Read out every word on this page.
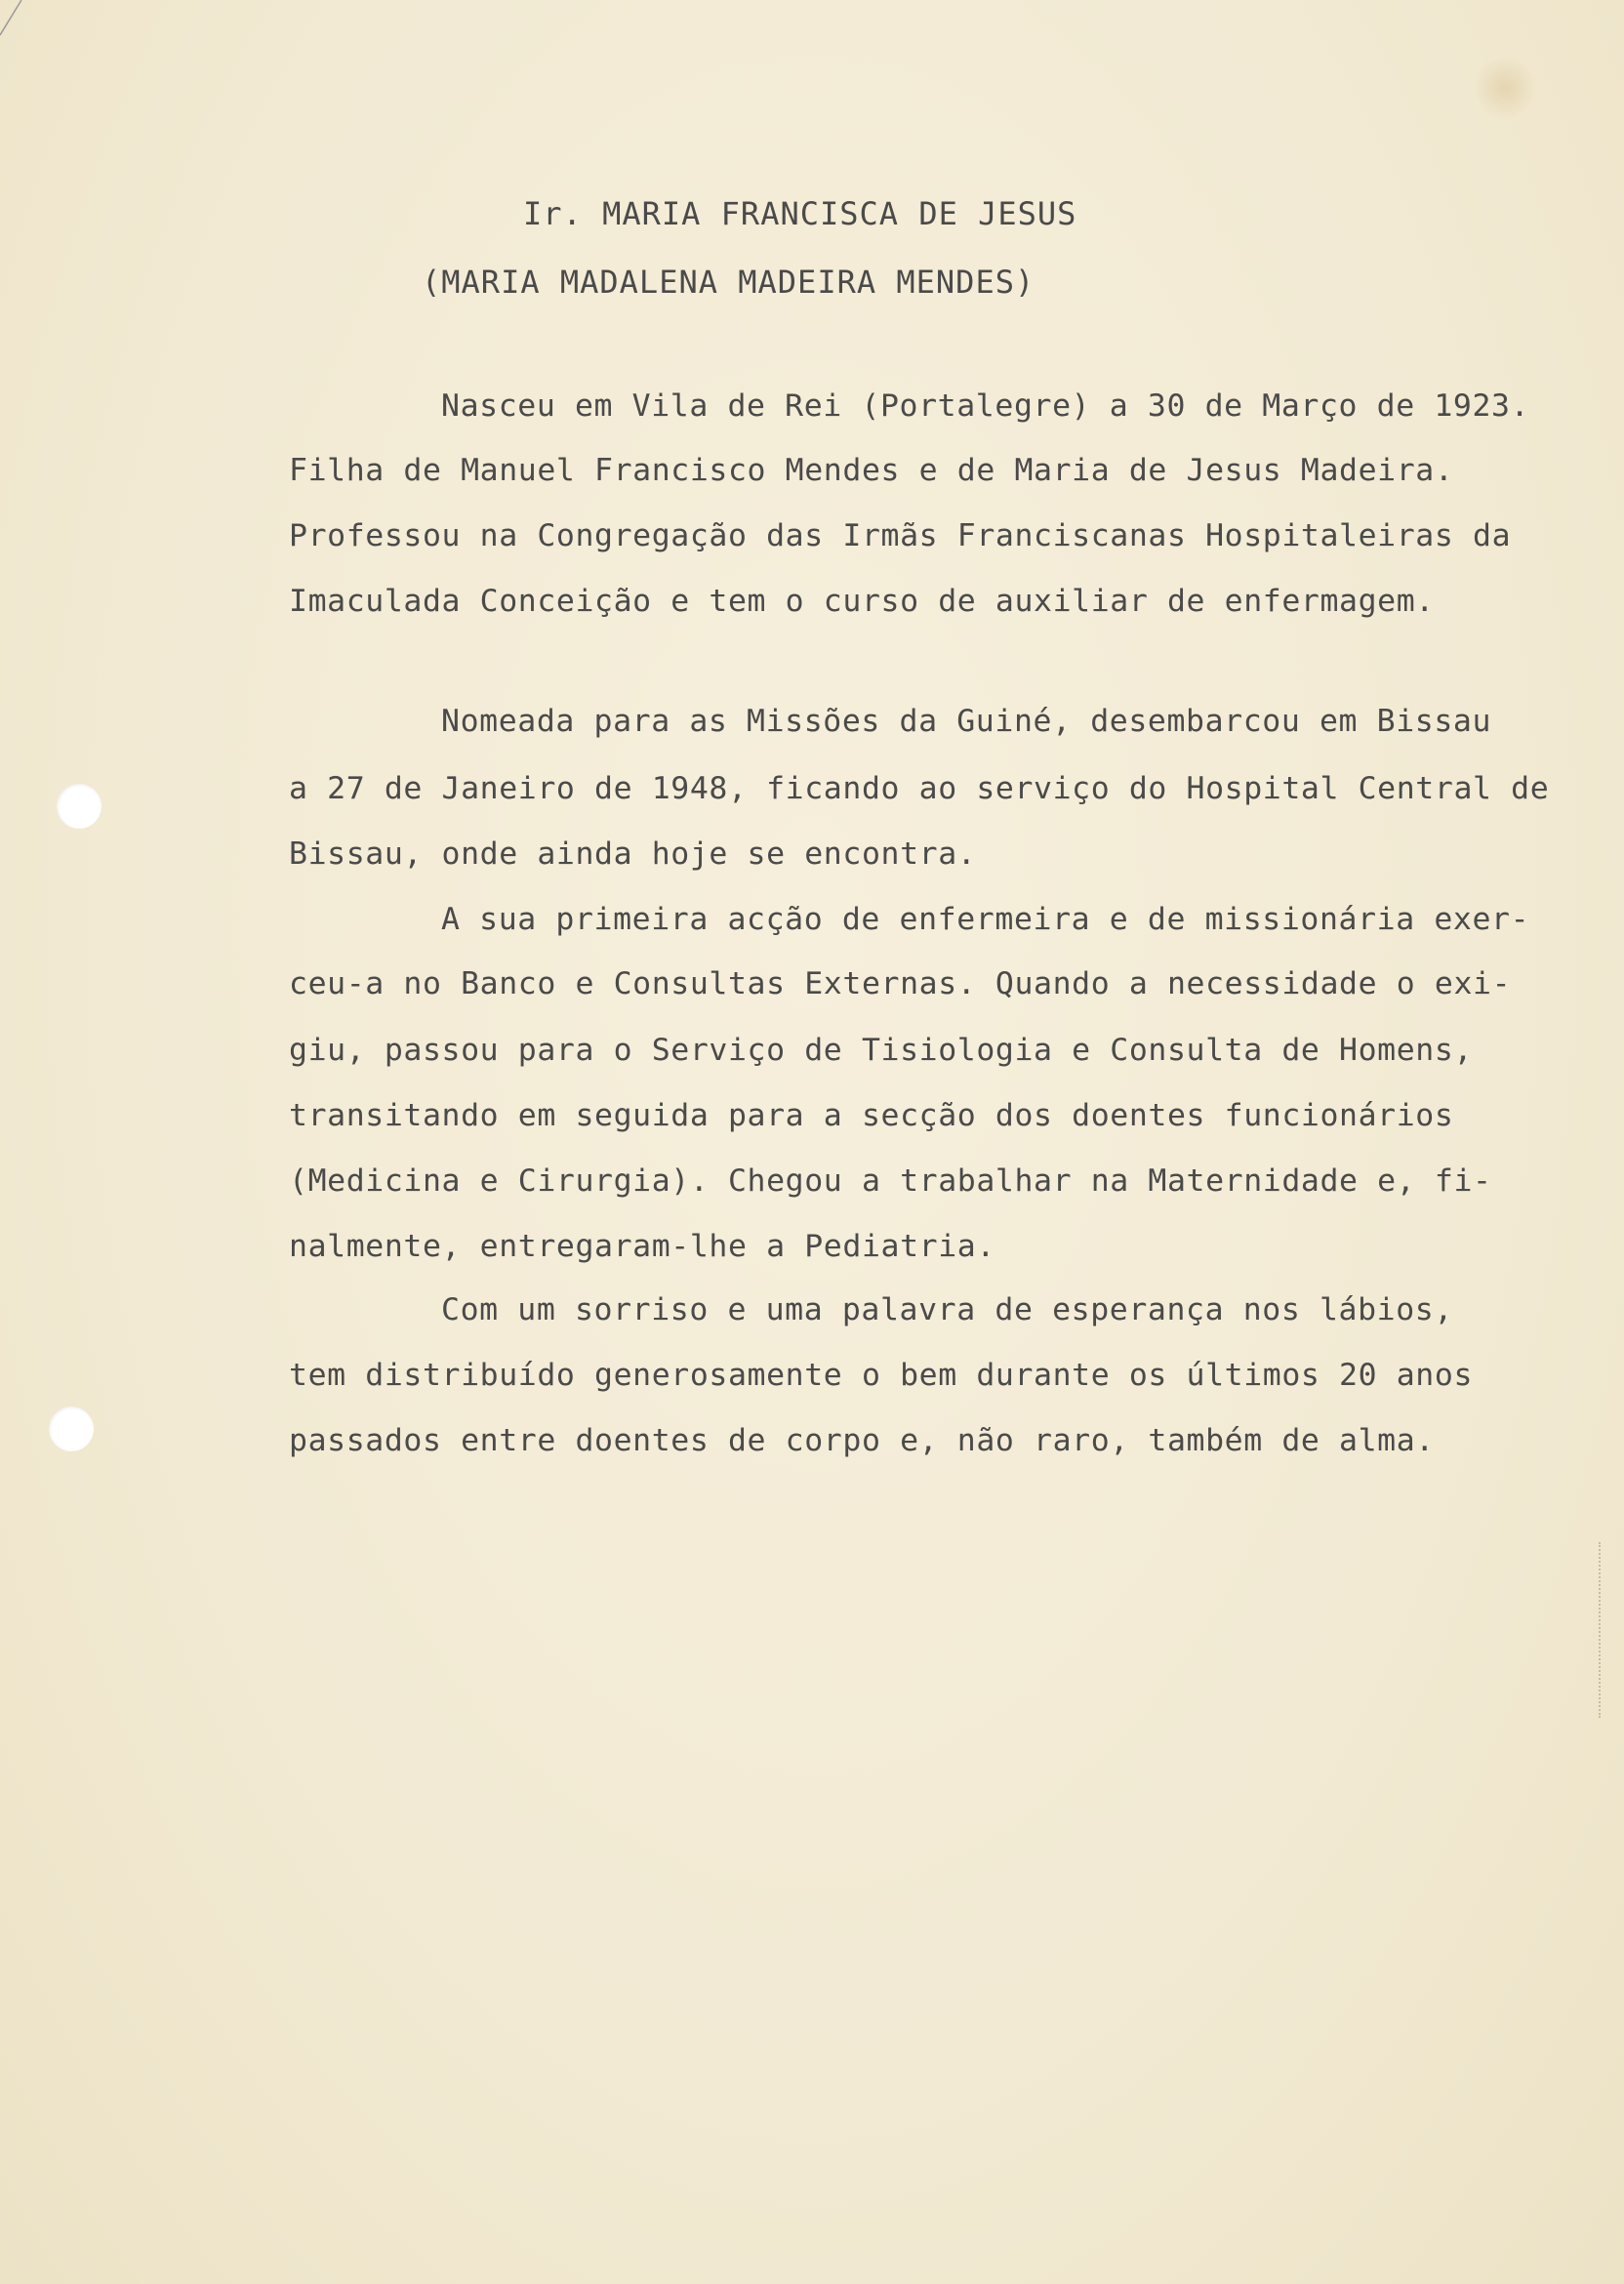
Ir. MARIA FRANCISCA DE JESUS
(MARIA MADALENA MADEIRA MENDES)
Nasceu em Vila de Rei (Portalegre) a 30 de Março de 1923.
Filha de Manuel Francisco Mendes e de Maria de Jesus Madeira.
Professou na Congregação das Irmãs Franciscanas Hospitaleiras da
Imaculada Conceição e tem o curso de auxiliar de enfermagem.
Nomeada para as Missões da Guiné, desembarcou em Bissau
a 27 de Janeiro de 1948, ficando ao serviço do Hospital Central de
Bissau, onde ainda hoje se encontra.
A sua primeira acção de enfermeira e de missionária exer-
ceu-a no Banco e Consultas Externas. Quando a necessidade o exi-
giu, passou para o Serviço de Tisiologia e Consulta de Homens,
transitando em seguida para a secção dos doentes funcionários
(Medicina e Cirurgia). Chegou a trabalhar na Maternidade e, fi-
nalmente, entregaram-lhe a Pediatria.
Com um sorriso e uma palavra de esperança nos lábios,
tem distribuído generosamente o bem durante os últimos 20 anos
passados entre doentes de corpo e, não raro, também de alma.
